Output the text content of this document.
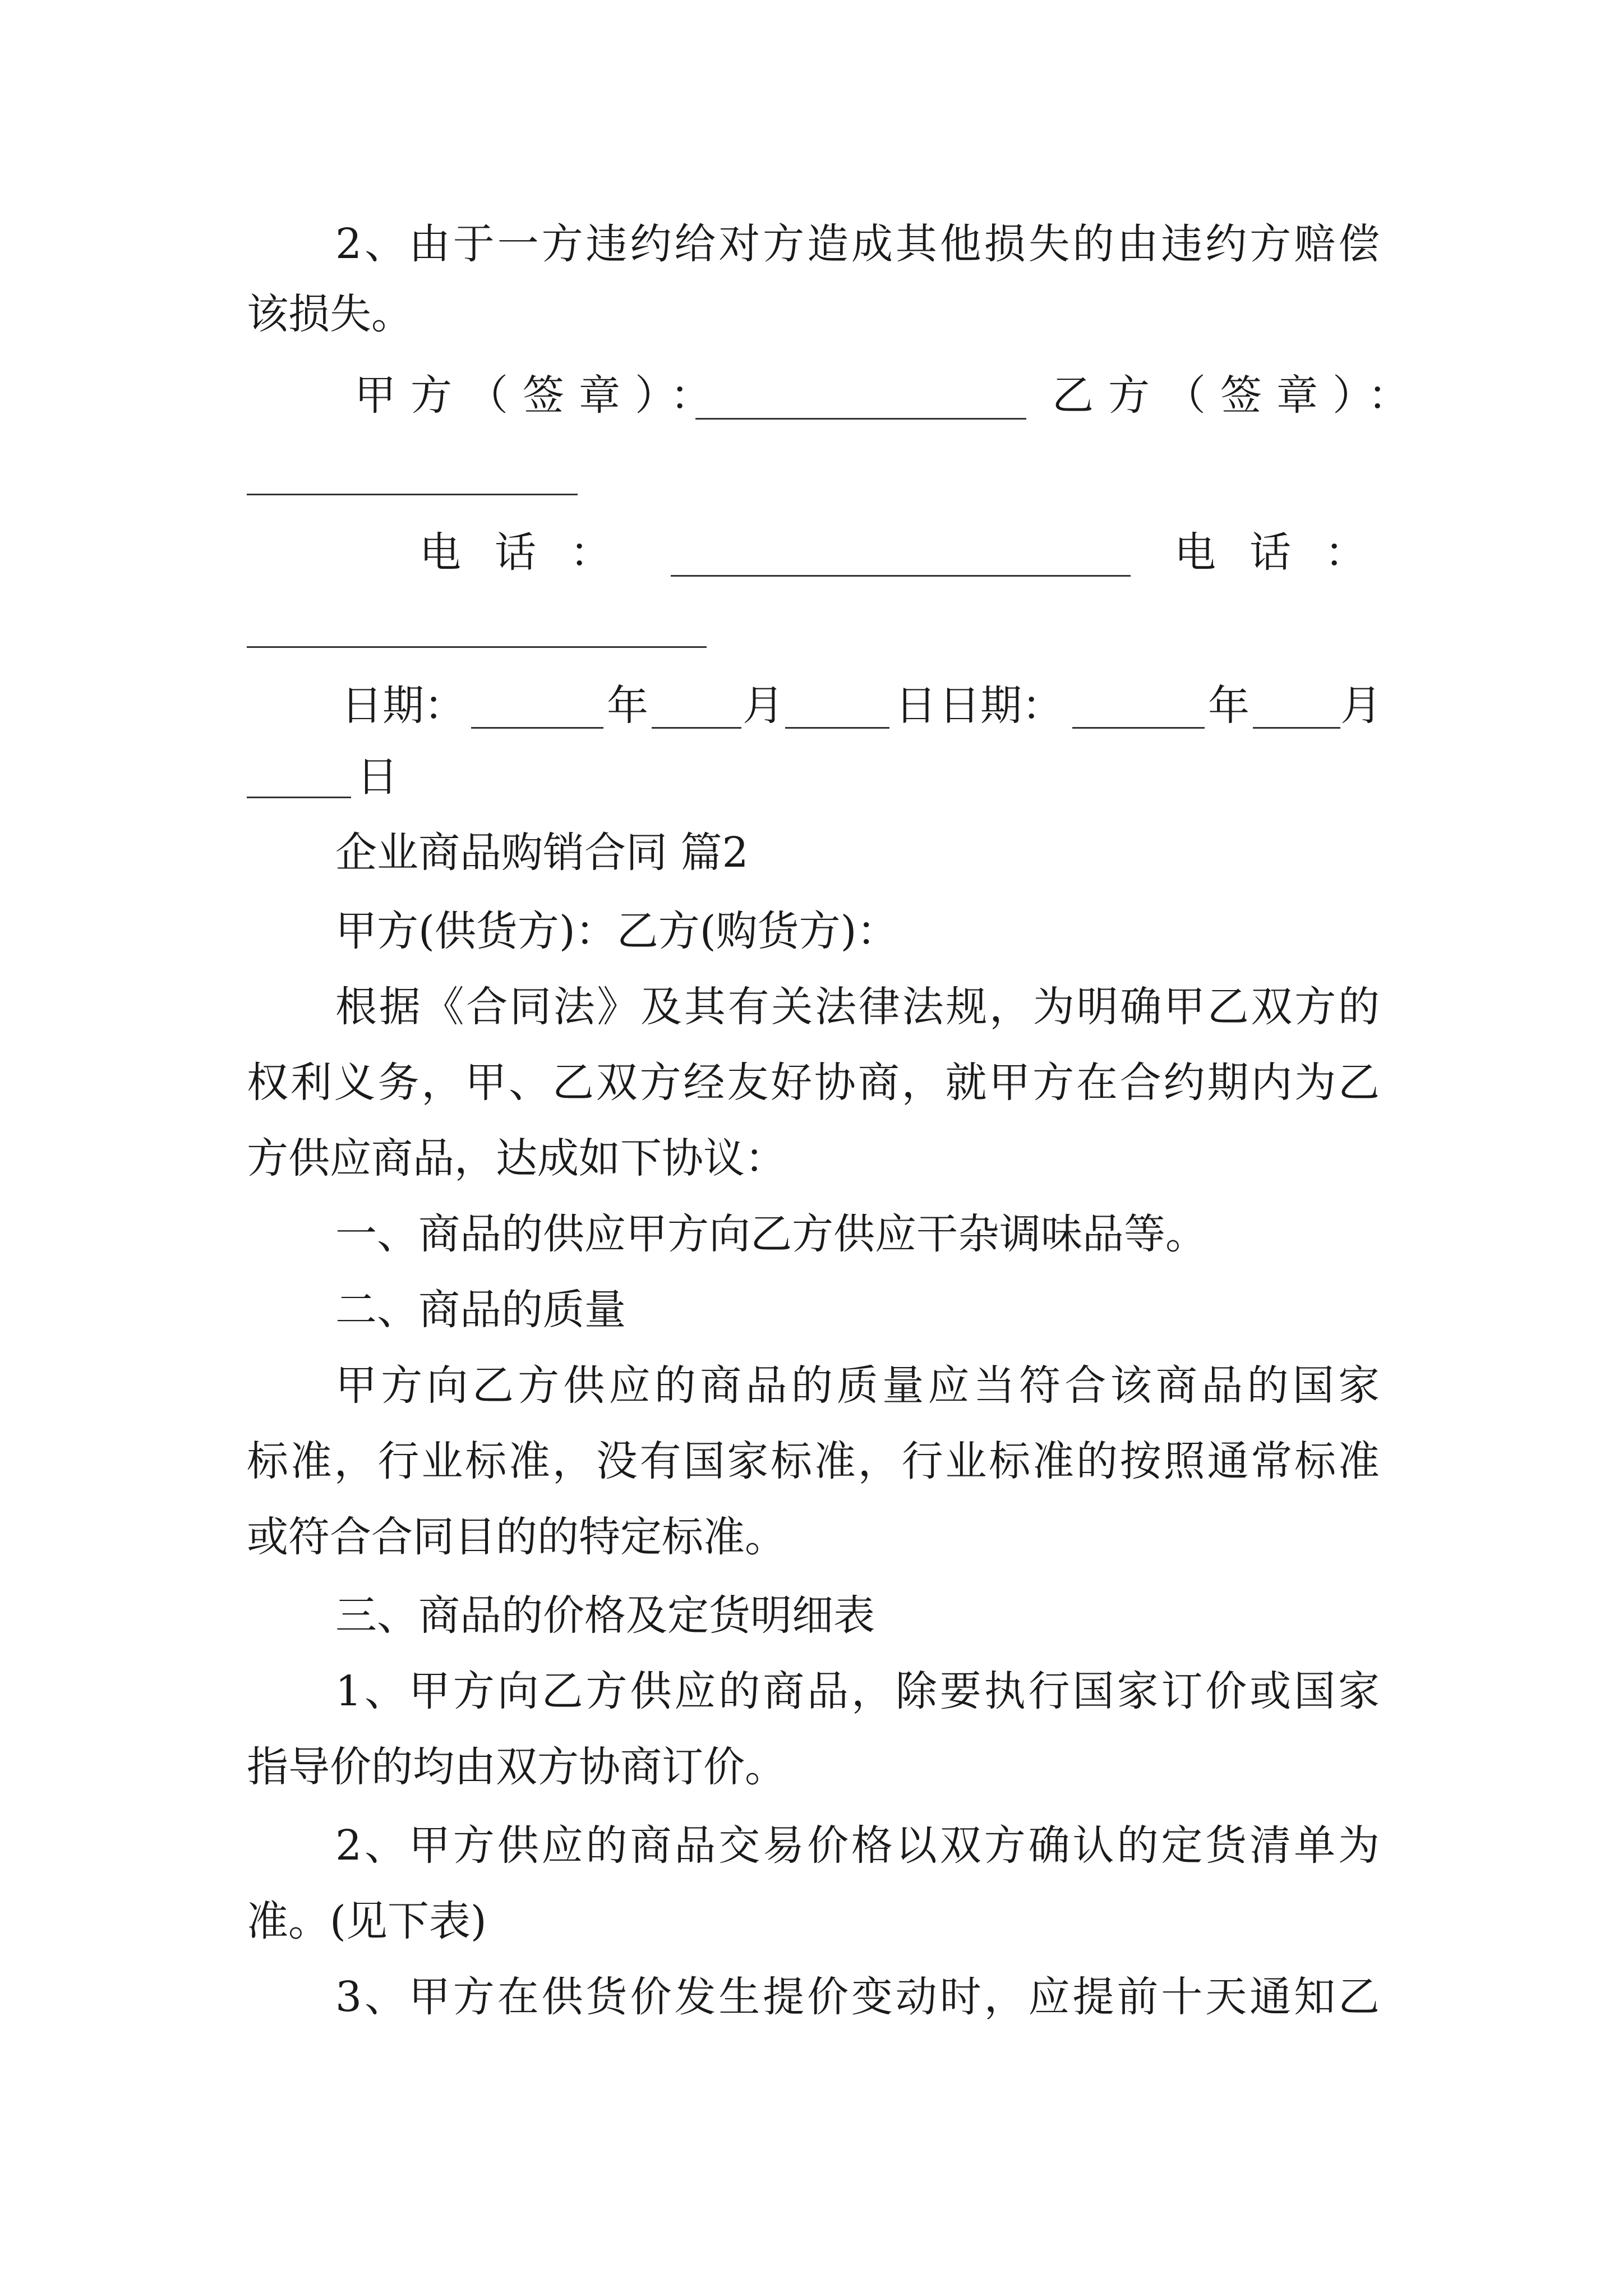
2、由于一方违约给对方造成其他损失的由违约方赔偿
该损失。
甲方（签章）：	乙方（签章）：
电话：	电话：
日期：	年 月	日 日期：	年 月
日
企业商品购销合同 篇2
甲方(供货方)：乙方(购货方)：
根据《合同法》及其有关法律法规，为明确甲乙双方的
权利义务，甲、乙双方经友好协商，就甲方在合约期内为乙
方供应商品，达成如下协议：
一、商品的供应甲方向乙方供应干杂调味品等。
二、商品的质量
甲方向乙方供应的商品的质量应当符合该商品的国家
标准，行业标准，没有国家标准，行业标准的按照通常标准
或符合合同目的的特定标准。
三、商品的价格及定货明细表
1、甲方向乙方供应的商品，除要执行国家订价或国家
指导价的均由双方协商订价。
2、甲方供应的商品交易价格以双方确认的定货清单为
准。(见下表)
3、甲方在供货价发生提价变动时，应提前十天通知乙
